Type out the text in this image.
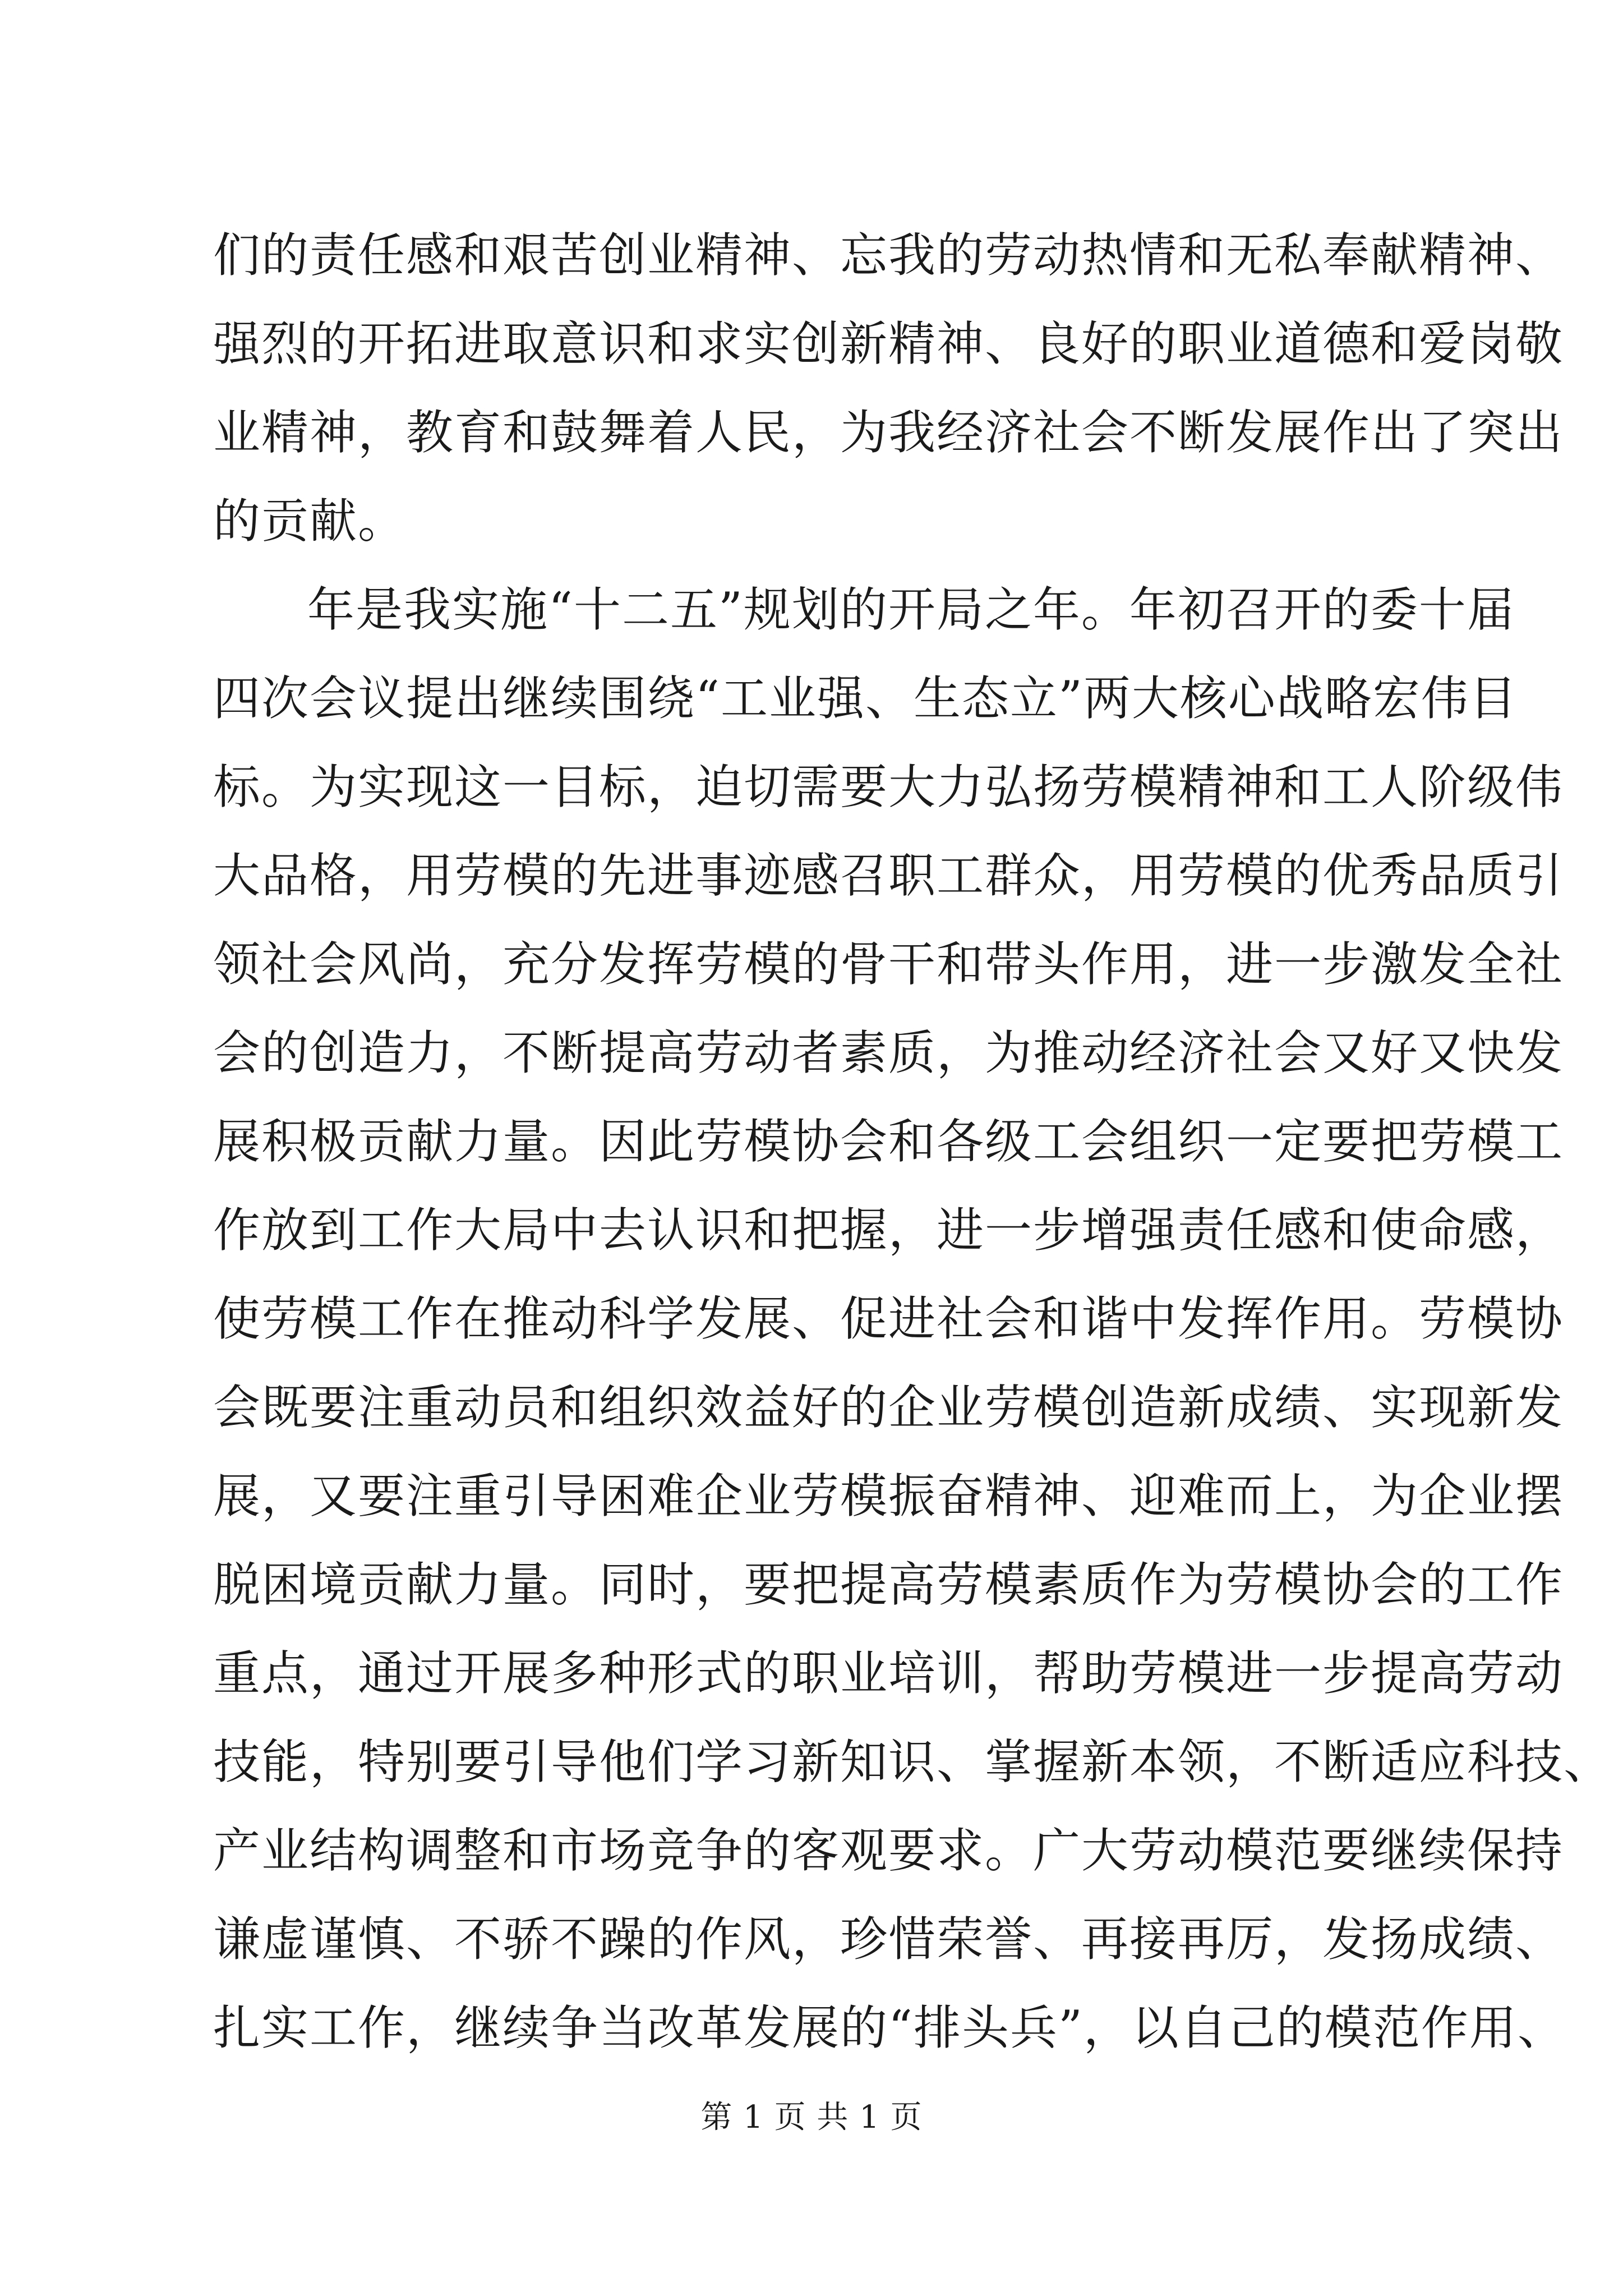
们的责任感和艰苦创业精神、忘我的劳动热情和无私奉献精神、
强烈的开拓进取意识和求实创新精神、良好的职业道德和爱岗敬
业精神，教育和鼓舞着人民，为我经济社会不断发展作出了突出
的贡献。
年是我实施“十二五”规划的开局之年。年初召开的委十届
四次会议提出继续围绕“工业强、生态立”两大核心战略宏伟目
标。为实现这一目标，迫切需要大力弘扬劳模精神和工人阶级伟
大品格，用劳模的先进事迹感召职工群众，用劳模的优秀品质引
领社会风尚，充分发挥劳模的骨干和带头作用，进一步激发全社
会的创造力，不断提高劳动者素质，为推动经济社会又好又快发
展积极贡献力量。因此劳模协会和各级工会组织一定要把劳模工
作放到工作大局中去认识和把握，进一步增强责任感和使命感，
使劳模工作在推动科学发展、促进社会和谐中发挥作用。劳模协
会既要注重动员和组织效益好的企业劳模创造新成绩、实现新发
展，又要注重引导困难企业劳模振奋精神、迎难而上，为企业摆
脱困境贡献力量。同时，要把提高劳模素质作为劳模协会的工作
重点，通过开展多种形式的职业培训，帮助劳模进一步提高劳动
技能，特别要引导他们学习新知识、掌握新本领，不断适应科技、
产业结构调整和市场竞争的客观要求。广大劳动模范要继续保持
谦虚谨慎、不骄不躁的作风，珍惜荣誉、再接再厉，发扬成绩、
扎实工作，继续争当改革发展的“排头兵”，以自己的模范作用、
第 1 页 共 1 页
